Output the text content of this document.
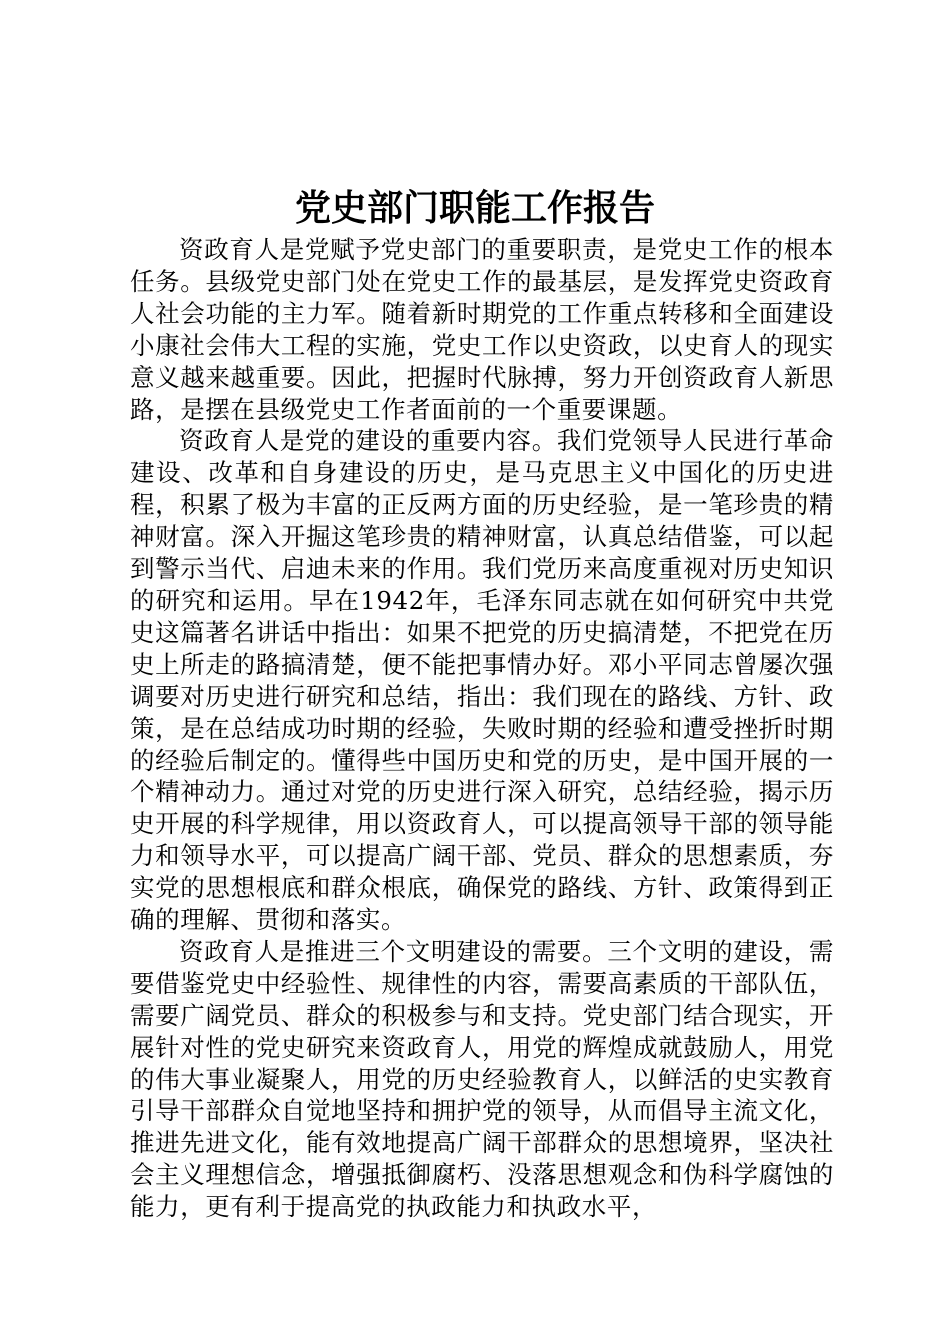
党史部门职能工作报告

资政育人是党赋予党史部门的重要职责，是党史工作的根本任务。县级党史部门处在党史工作的最基层，是发挥党史资政育人社会功能的主力军。随着新时期党的工作重点转移和全面建设小康社会伟大工程的实施，党史工作以史资政，以史育人的现实意义越来越重要。因此，把握时代脉搏，努力开创资政育人新思路，是摆在县级党史工作者面前的一个重要课题。

资政育人是党的建设的重要内容。我们党领导人民进行革命建设、改革和自身建设的历史，是马克思主义中国化的历史进程，积累了极为丰富的正反两方面的历史经验，是一笔珍贵的精神财富。深入开掘这笔珍贵的精神财富，认真总结借鉴，可以起到警示当代、启迪未来的作用。我们党历来高度重视对历史知识的研究和运用。早在1942年，毛泽东同志就在如何研究中共党史这篇著名讲话中指出：如果不把党的历史搞清楚，不把党在历史上所走的路搞清楚，便不能把事情办好。邓小平同志曾屡次强调要对历史进行研究和总结，指出：我们现在的路线、方针、政策，是在总结成功时期的经验，失败时期的经验和遭受挫折时期的经验后制定的。懂得些中国历史和党的历史，是中国开展的一个精神动力。通过对党的历史进行深入研究，总结经验，揭示历史开展的科学规律，用以资政育人，可以提高领导干部的领导能力和领导水平，可以提高广阔干部、党员、群众的思想素质，夯实党的思想根底和群众根底，确保党的路线、方针、政策得到正确的理解、贯彻和落实。

资政育人是推进三个文明建设的需要。三个文明的建设，需要借鉴党史中经验性、规律性的内容，需要高素质的干部队伍，需要广阔党员、群众的积极参与和支持。党史部门结合现实，开展针对性的党史研究来资政育人，用党的辉煌成就鼓励人，用党的伟大事业凝聚人，用党的历史经验教育人，以鲜活的史实教育引导干部群众自觉地坚持和拥护党的领导，从而倡导主流文化，推进先进文化，能有效地提高广阔干部群众的思想境界，坚决社会主义理想信念，增强抵御腐朽、没落思想观念和伪科学腐蚀的能力，更有利于提高党的执政能力和执政水平，
